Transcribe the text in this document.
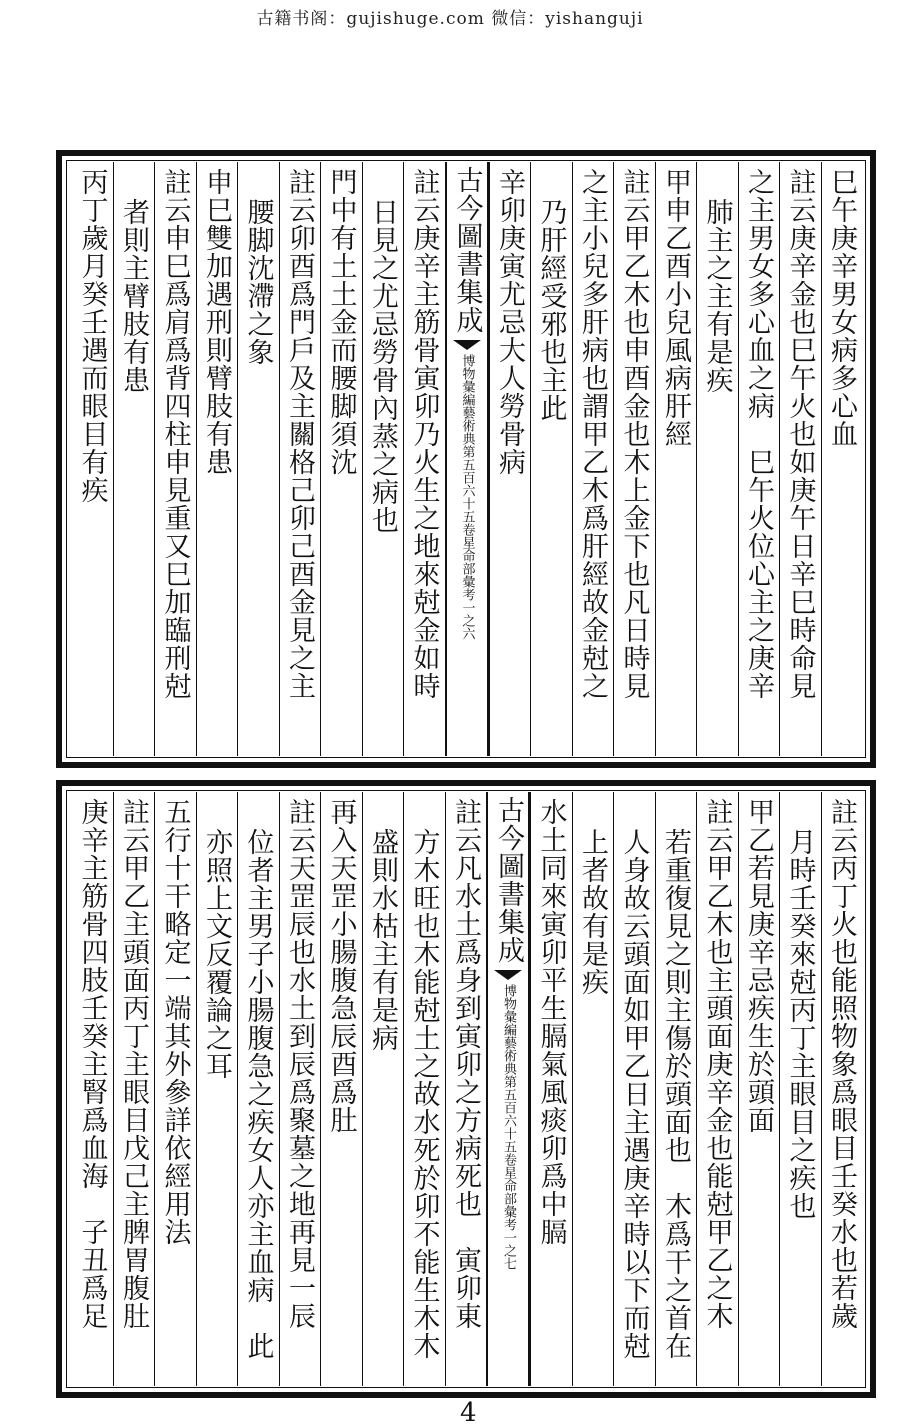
古籍书阁：gujishuge.com 微信：yishanguji
巳午庚辛男女病多心血
註云庚辛金也巳午火也如庚午日辛巳時命見
之主男女多心血之病　巳午火位心主之庚辛
肺主之主有是疾
甲申乙酉小兒風病肝經
註云甲乙木也申酉金也木上金下也凡日時見
之主小兒多肝病也謂甲乙木爲肝經故金尅之
乃肝經受邪也主此
辛卯庚寅尤忌大人勞骨病
古今圖書集成
博物彙編藝術典第五百六十五卷星命部彙考一之六
註云庚辛主筋骨寅卯乃火生之地來尅金如時
日見之尤忌勞骨內蒸之病也
門中有土土金而腰脚須沈
註云卯酉爲門戶及主關格己卯己酉金見之主
腰脚沈滯之象
申巳雙加遇刑則臂肢有患
註云申巳爲肩爲背四柱申見重又巳加臨刑尅
者則主臂肢有患
丙丁歲月癸壬遇而眼目有疾
註云丙丁火也能照物象爲眼目壬癸水也若歲
月時壬癸來尅丙丁主眼目之疾也
甲乙若見庚辛忌疾生於頭面
註云甲乙木也主頭面庚辛金也能尅甲乙之木
若重復見之則主傷於頭面也　木爲干之首在
人身故云頭面如甲乙日主遇庚辛時以下而尅
上者故有是疾
水土同來寅卯平生膈氣風痰卯爲中膈
古今圖書集成
博物彙編藝術典第五百六十五卷星命部彙考一之七
註云凡水土爲身到寅卯之方病死也　寅卯東
方木旺也木能尅土之故水死於卯不能生木木
盛則水枯主有是病
再入天罡小腸腹急辰酉爲肚
註云天罡辰也水土到辰爲聚墓之地再見一辰
位者主男子小腸腹急之疾女人亦主血病　此
亦照上文反覆論之耳
五行十干略定一端其外參詳依經用法
註云甲乙主頭面丙丁主眼目戊己主脾胃腹肚
庚辛主筋骨四肢壬癸主腎爲血海　子丑爲足
4
